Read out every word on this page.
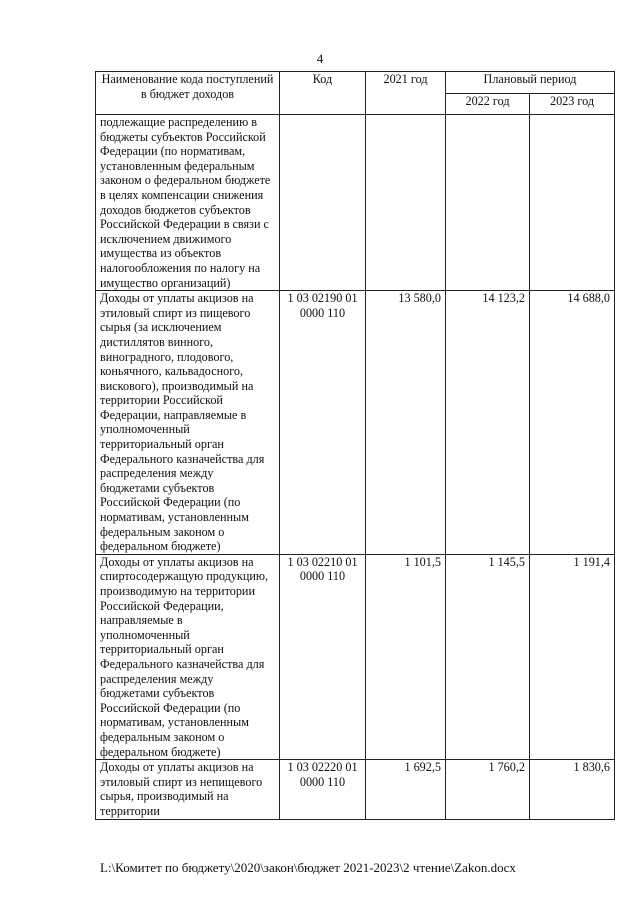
4
Наименование кода поступлений в бюджет доходов	Код	2021 год	Плановый период	
			2022 год	2023 год
подлежащие распределению в бюджеты субъектов Российской Федерации (по нормативам, установленным федеральным законом о федеральном бюджете в целях компенсации снижения доходов бюджетов субъектов Российской Федерации в связи с исключением движимого имущества из объектов налогообложения по налогу на имущество организаций)				
Доходы от уплаты акцизов на этиловый спирт из пищевого сырья (за исключением дистиллятов винного, виноградного, плодового, коньячного, кальвадосного, вискового), производимый на территории Российской Федерации, направляемые в уполномоченный территориальный орган Федерального казначейства для распределения между бюджетами субъектов Российской Федерации (по нормативам, установленным федеральным законом о федеральном бюджете)	1 03 02190 01 0000 110	13 580,0	14 123,2	14 688,0
Доходы от уплаты акцизов на спиртосодержащую продукцию, производимую на территории Российской Федерации, направляемые в уполномоченный территориальный орган Федерального казначейства для распределения между бюджетами субъектов Российской Федерации (по нормативам, установленным федеральным законом о федеральном бюджете)	1 03 02210 01 0000 110	1 101,5	1 145,5	1 191,4
Доходы от уплаты акцизов на этиловый спирт из непищевого сырья, производимый на территории	1 03 02220 01 0000 110	1 692,5	1 760,2	1 830,6
L:\Комитет по бюджету\2020\закон\бюджет 2021-2023\2 чтение\Zakon.docx
